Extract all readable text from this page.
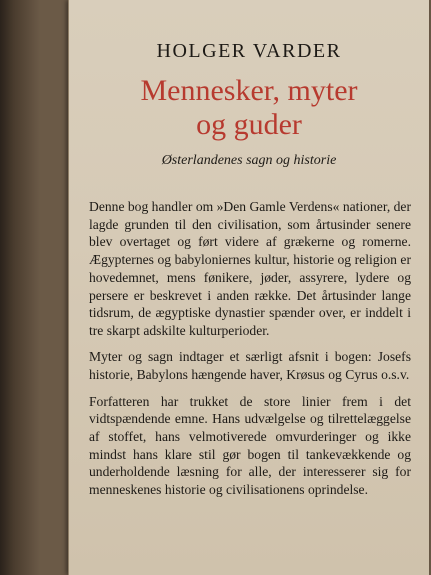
HOLGER VARDER
Mennesker, myter
og guder
Østerlandenes sagn og historie

Denne bog handler om »Den Gamle Verdens« nationer, der lagde grunden til den civilisation, som årtusinder senere blev overtaget og ført videre af grækerne og romerne. Ægypternes og babyloniernes kultur, historie og religion er hovedemnet, mens fønikere, jøder, assyrere, lydere og persere er beskrevet i anden række. Det årtusinder lange tidsrum, de ægyptiske dynastier spænder over, er inddelt i tre skarpt adskilte kulturperioder.

Myter og sagn indtager et særligt afsnit i bogen: Josefs historie, Babylons hængende haver, Krøsus og Cyrus o.s.v.

Forfatteren har trukket de store linier frem i det vidtspændende emne. Hans udvælgelse og tilrettelæggelse af stoffet, hans velmotiverede omvurderinger og ikke mindst hans klare stil gør bogen til tankevækkende og underholdende læsning for alle, der interesserer sig for menneskenes historie og civilisationens oprindelse.
